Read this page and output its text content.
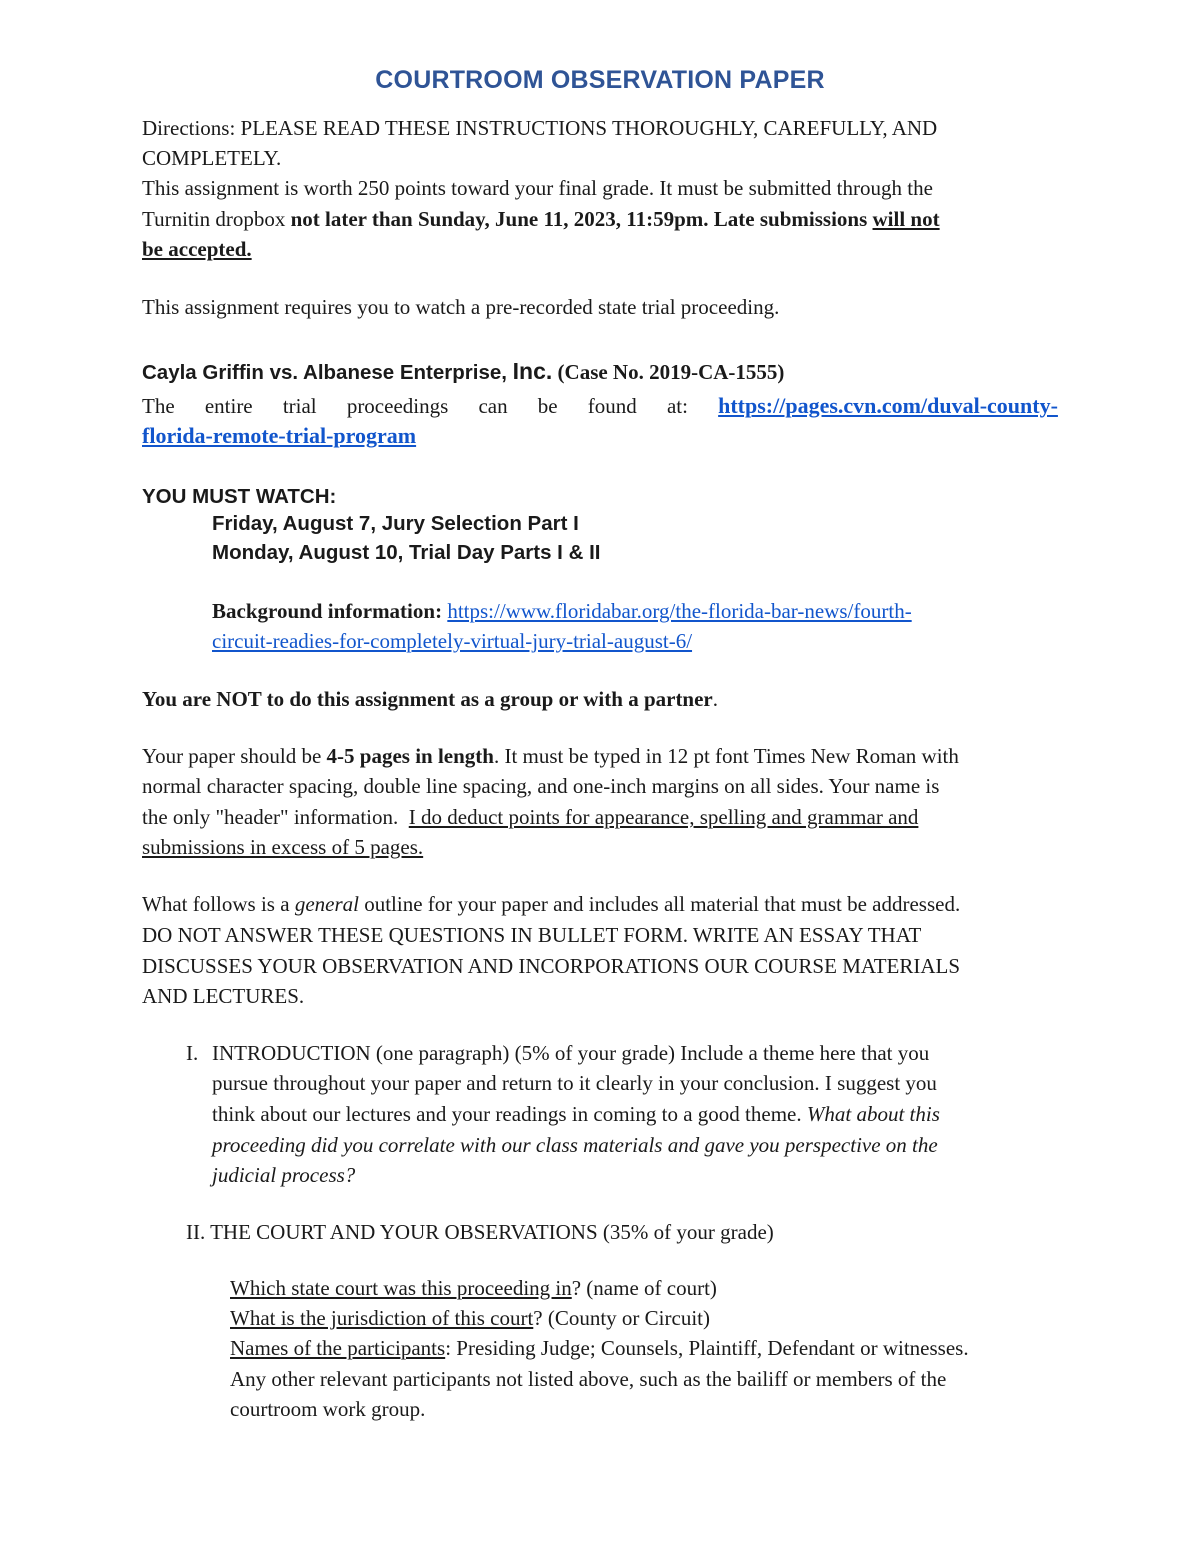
COURTROOM OBSERVATION PAPER
Directions: PLEASE READ THESE INSTRUCTIONS THOROUGHLY, CAREFULLY, AND
COMPLETELY.
This assignment is worth 250 points toward your final grade. It must be submitted through the
Turnitin dropbox not later than Sunday, June 11, 2023, 11:59pm. Late submissions will not
be accepted.
This assignment requires you to watch a pre-recorded state trial proceeding.
Cayla Griffin vs. Albanese Enterprise, Inc. (Case No. 2019-CA-1555)
The entire trial proceedings can be found at: https://pages.cvn.com/duval-county-
florida-remote-trial-program
YOU MUST WATCH:
Friday, August 7, Jury Selection Part I
Monday, August 10, Trial Day Parts I & II
Background information: https://www.floridabar.org/the-florida-bar-news/fourth-
circuit-readies-for-completely-virtual-jury-trial-august-6/
You are NOT to do this assignment as a group or with a partner.
Your paper should be 4-5 pages in length. It must be typed in 12 pt font Times New Roman with
normal character spacing, double line spacing, and one-inch margins on all sides. Your name is
the only "header" information.  I do deduct points for appearance, spelling and grammar and
submissions in excess of 5 pages.
What follows is a general outline for your paper and includes all material that must be addressed.
DO NOT ANSWER THESE QUESTIONS IN BULLET FORM. WRITE AN ESSAY THAT
DISCUSSES YOUR OBSERVATION AND INCORPORATIONS OUR COURSE MATERIALS
AND LECTURES.
I. INTRODUCTION (one paragraph) (5% of your grade) Include a theme here that you
pursue throughout your paper and return to it clearly in your conclusion. I suggest you
think about our lectures and your readings in coming to a good theme. What about this
proceeding did you correlate with our class materials and gave you perspective on the
judicial process?
II. THE COURT AND YOUR OBSERVATIONS (35% of your grade)
Which state court was this proceeding in? (name of court)
What is the jurisdiction of this court? (County or Circuit)
Names of the participants: Presiding Judge; Counsels, Plaintiff, Defendant or witnesses.
Any other relevant participants not listed above, such as the bailiff or members of the
courtroom work group.
